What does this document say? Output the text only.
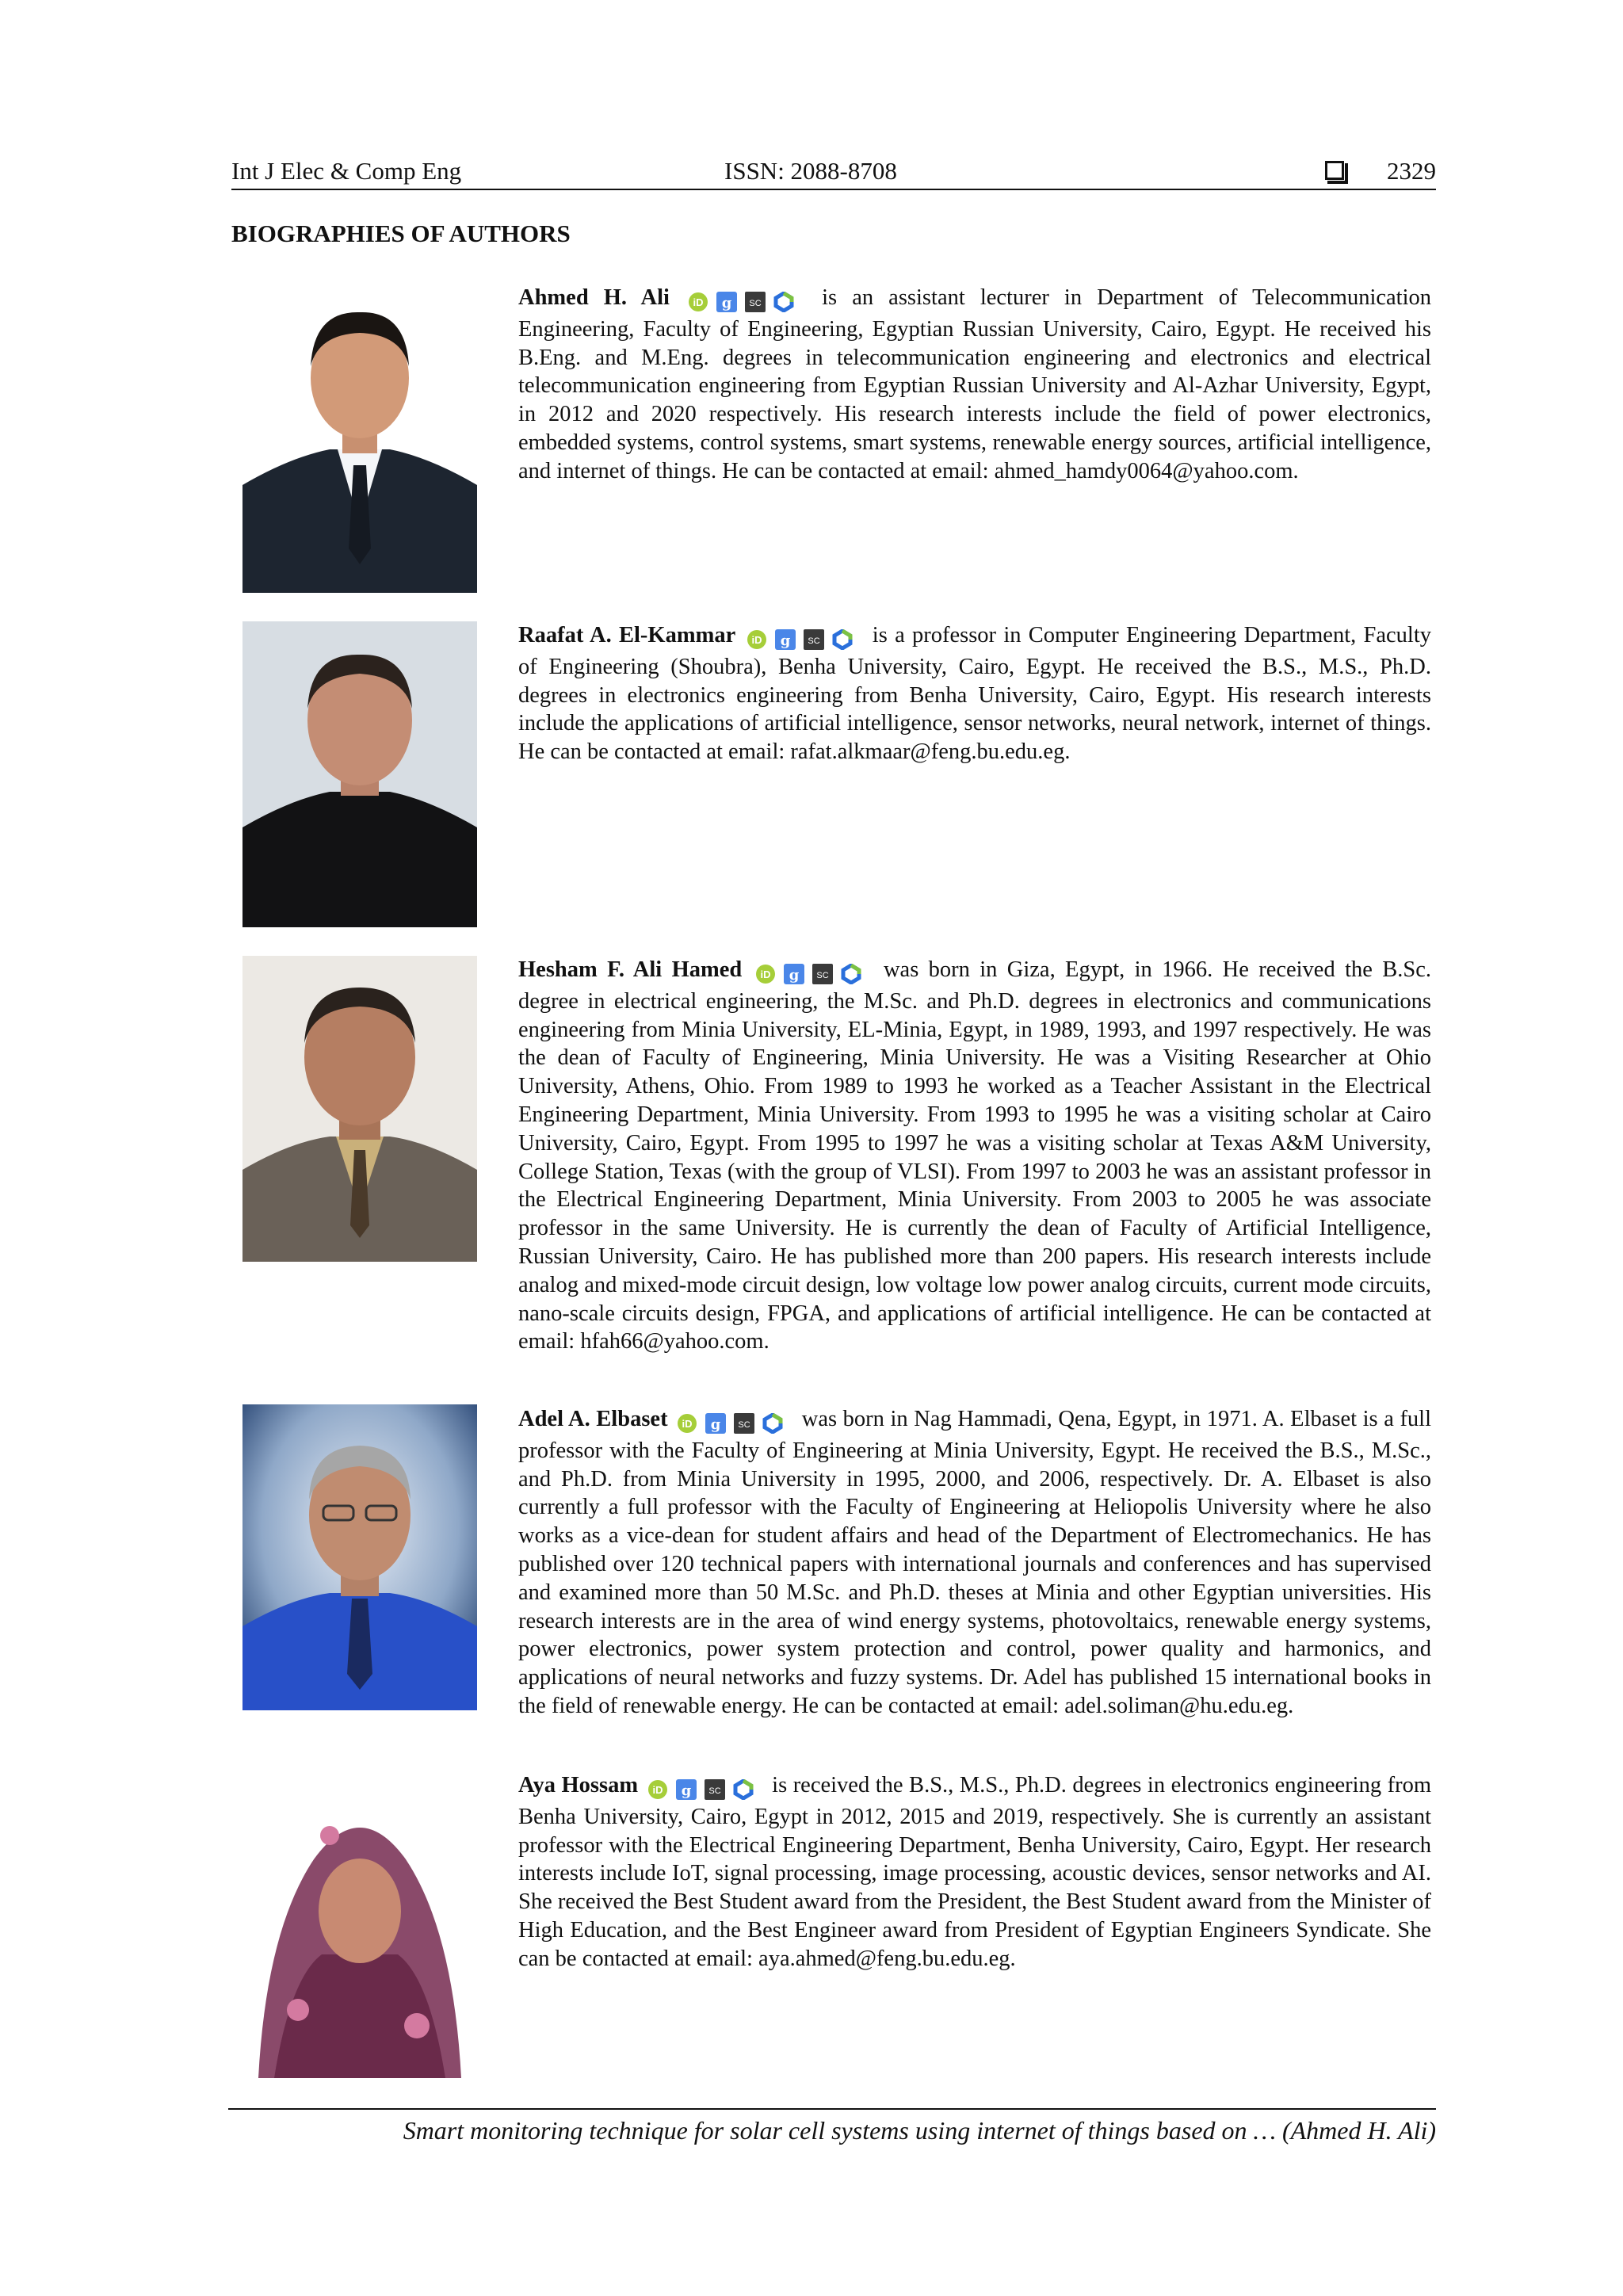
Int J Elec & Comp Eng	ISSN: 2088-8708	2329
BIOGRAPHIES OF AUTHORS
Ahmed H. Ali iD g SC	is an assistant lecturer in Department of Telecommunication Engineering, Faculty of Engineering, Egyptian Russian University, Cairo, Egypt. He received his B.Eng. and M.Eng. degrees in telecommunication engineering and electronics and electrical telecommunication engineering from Egyptian Russian University and Al-Azhar University, Egypt, in 2012 and 2020 respectively. His research interests include the field of power electronics, embedded systems, control systems, smart systems, renewable energy sources, artificial intelligence, and internet of things. He can be contacted at email: ahmed_hamdy0064@yahoo.com.
Raafat A. El-Kammar iD g SC is a professor in Computer Engineering Department, Faculty of Engineering (Shoubra), Benha University, Cairo, Egypt. He received the B.S., M.S., Ph.D. degrees in electronics engineering from Benha University, Cairo, Egypt. His research interests include the applications of artificial intelligence, sensor networks, neural network, internet of things. He can be contacted at email: rafat.alkmaar@feng.bu.edu.eg.
Hesham F. Ali Hamed iD g SC was born in Giza, Egypt, in 1966. He received the B.Sc. degree in electrical engineering, the M.Sc. and Ph.D. degrees in electronics and communications engineering from Minia University, EL-Minia, Egypt, in 1989, 1993, and 1997 respectively. He was the dean of Faculty of Engineering, Minia University. He was a Visiting Researcher at Ohio University, Athens, Ohio. From 1989 to 1993 he worked as a Teacher Assistant in the Electrical Engineering Department, Minia University. From 1993 to 1995 he was a visiting scholar at Cairo University, Cairo, Egypt. From 1995 to 1997 he was a visiting scholar at Texas A&M University, College Station, Texas (with the group of VLSI). From 1997 to 2003 he was an assistant professor in the Electrical Engineering Department, Minia University. From 2003 to 2005 he was associate professor in the same University. He is currently the dean of Faculty of Artificial Intelligence, Russian University, Cairo. He has published more than 200 papers. His research interests include analog and mixed-mode circuit design, low voltage low power analog circuits, current mode circuits, nano-scale circuits design, FPGA, and applications of artificial intelligence. He can be contacted at email: hfah66@yahoo.com.
Adel A. Elbaset iD g SC was born in Nag Hammadi, Qena, Egypt, in 1971. A. Elbaset is a full professor with the Faculty of Engineering at Minia University, Egypt. He received the B.S., M.Sc., and Ph.D. from Minia University in 1995, 2000, and 2006, respectively. Dr. A. Elbaset is also currently a full professor with the Faculty of Engineering at Heliopolis University where he also works as a vice-dean for student affairs and head of the Department of Electromechanics. He has published over 120 technical papers with international journals and conferences and has supervised and examined more than 50 M.Sc. and Ph.D. theses at Minia and other Egyptian universities. His research interests are in the area of wind energy systems, photovoltaics, renewable energy systems, power electronics, power system protection and control, power quality and harmonics, and applications of neural networks and fuzzy systems. Dr. Adel has published 15 international books in the field of renewable energy. He can be contacted at email: adel.soliman@hu.edu.eg.
Aya Hossam iD g SC is received the B.S., M.S., Ph.D. degrees in electronics engineering from Benha University, Cairo, Egypt in 2012, 2015 and 2019, respectively. She is currently an assistant professor with the Electrical Engineering Department, Benha University, Cairo, Egypt. Her research interests include IoT, signal processing, image processing, acoustic devices, sensor networks and AI. She received the Best Student award from the President, the Best Student award from the Minister of High Education, and the Best Engineer award from President of Egyptian Engineers Syndicate. She can be contacted at email: aya.ahmed@feng.bu.edu.eg.
Smart monitoring technique for solar cell systems using internet of things based on … (Ahmed H. Ali)
